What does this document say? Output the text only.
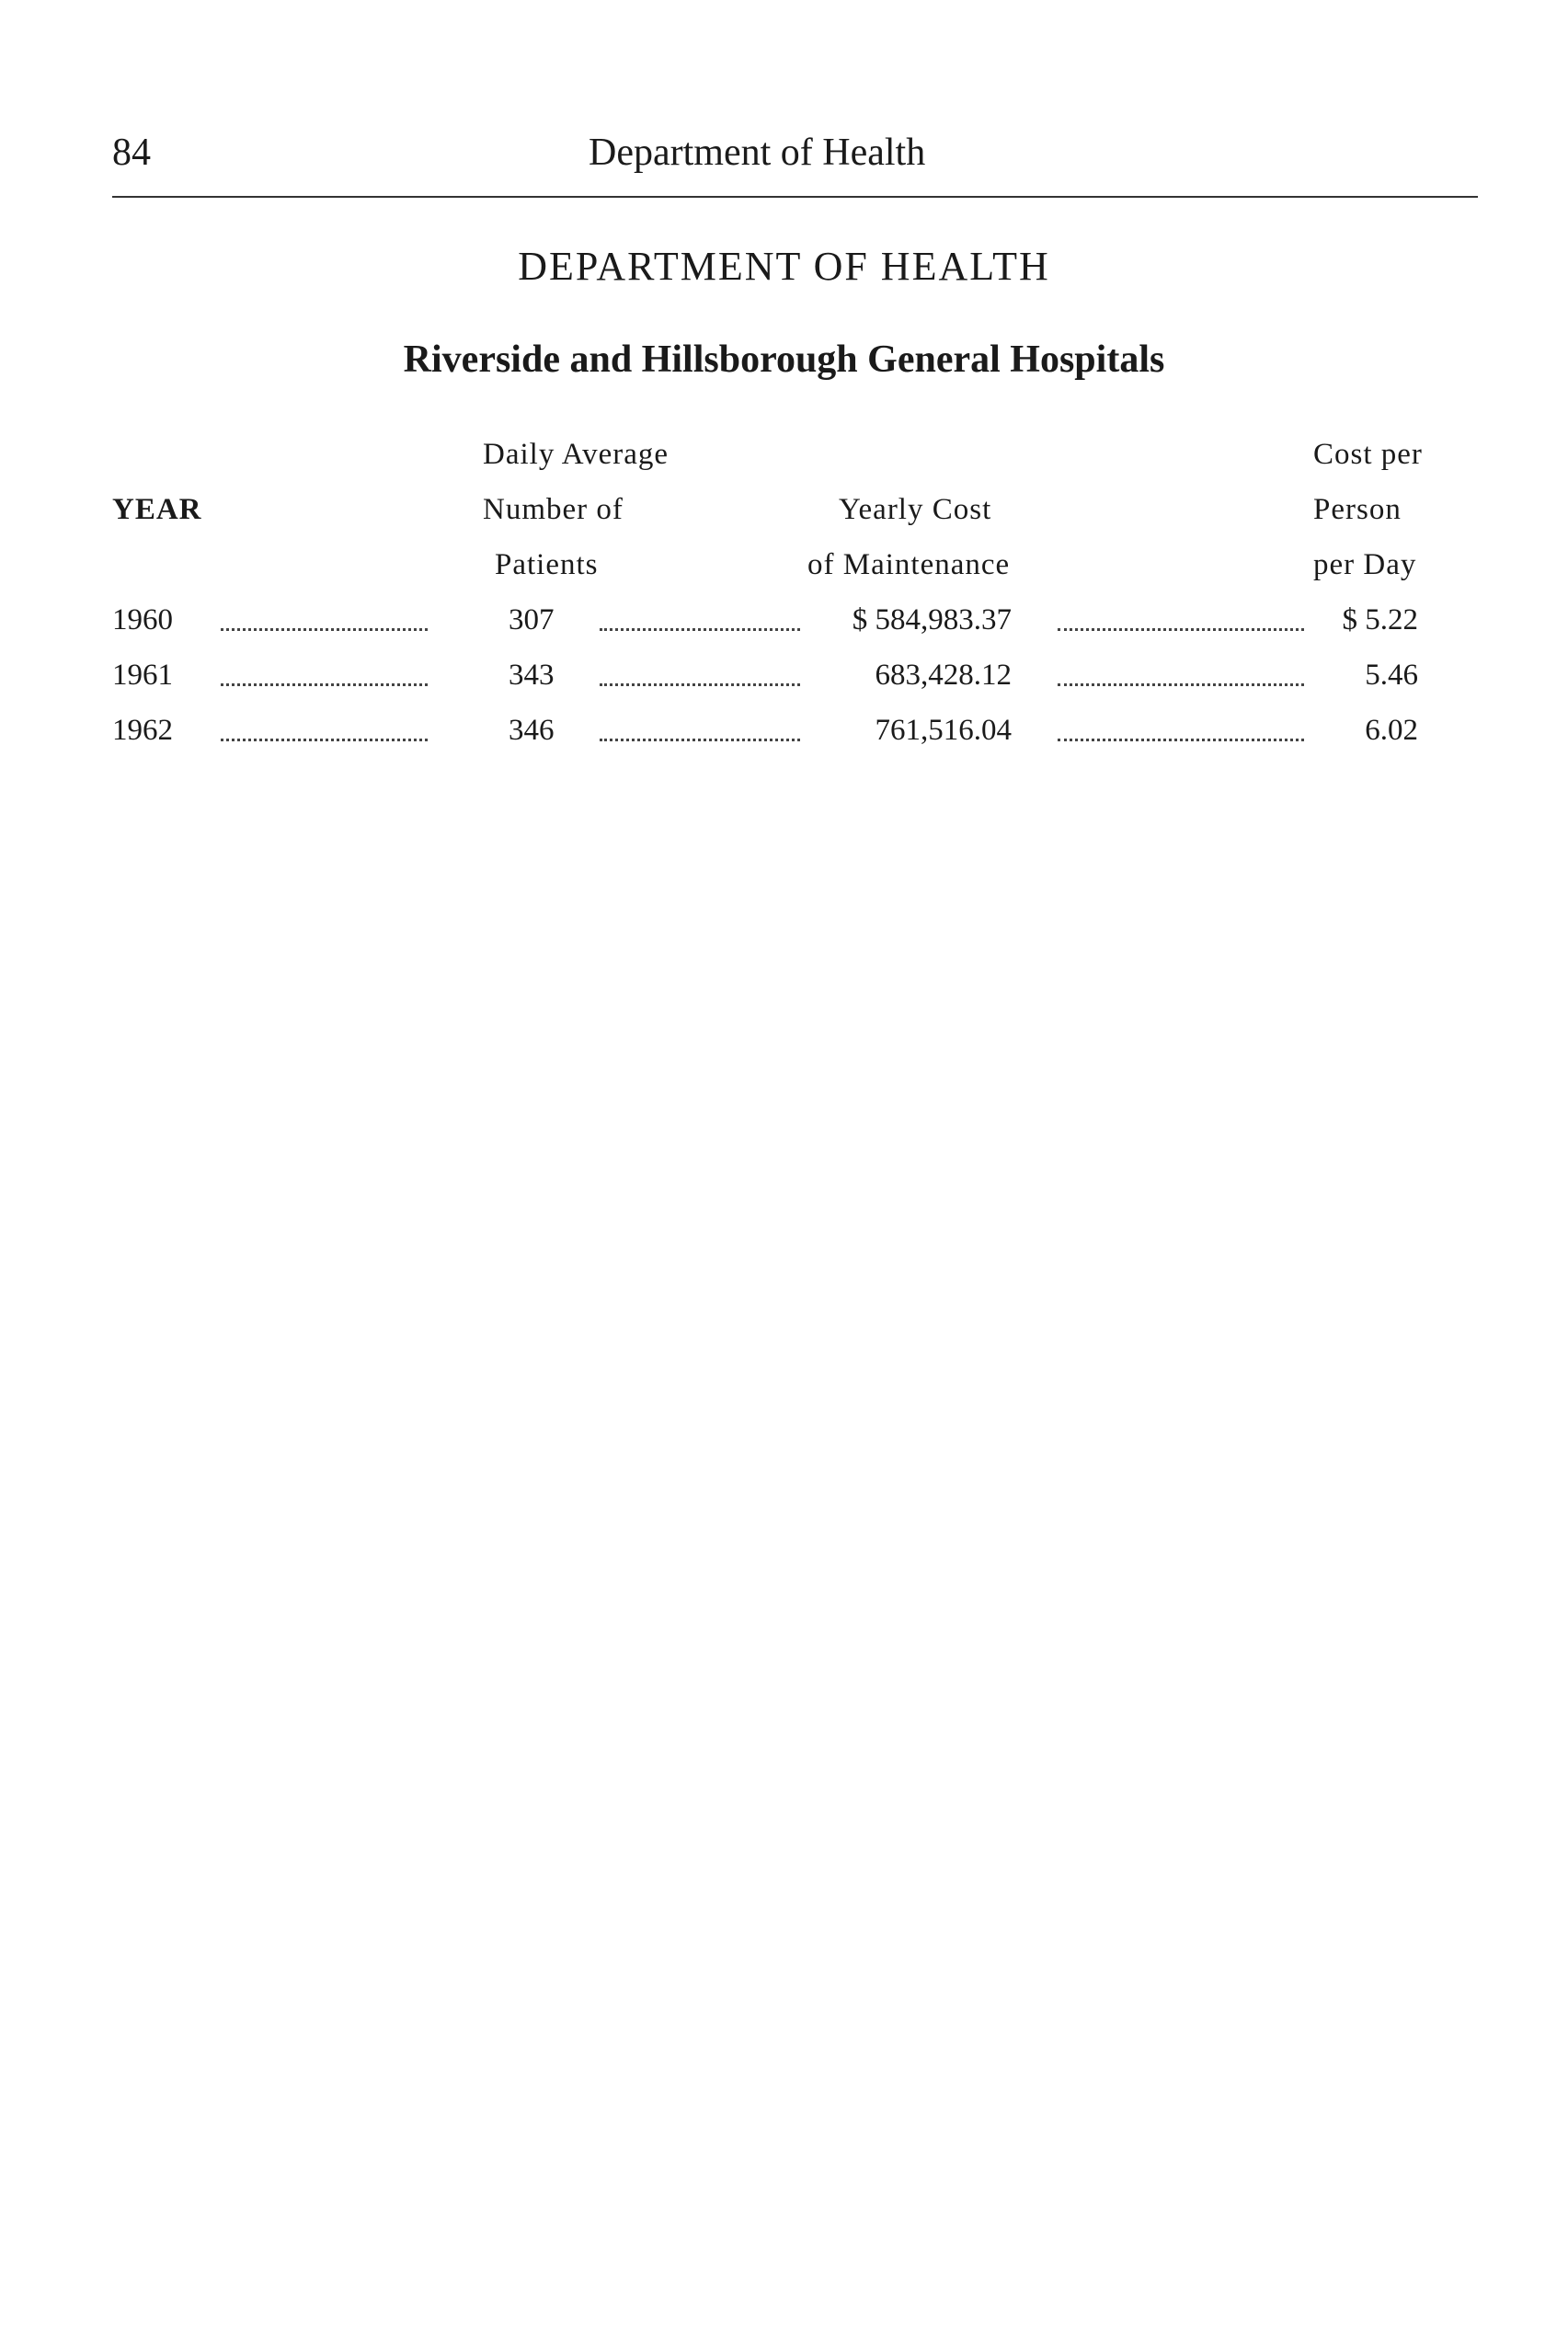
84	Department of Health
DEPARTMENT OF HEALTH
Riverside and Hillsborough General Hospitals
YEAR
Daily Average
Number of
Patients
Yearly Cost
of Maintenance
Cost per
Person
per Day
1960	307	$ 584,983.37	$ 5.22
1961	343	683,428.12	5.46
1962	346	761,516.04	6.02
